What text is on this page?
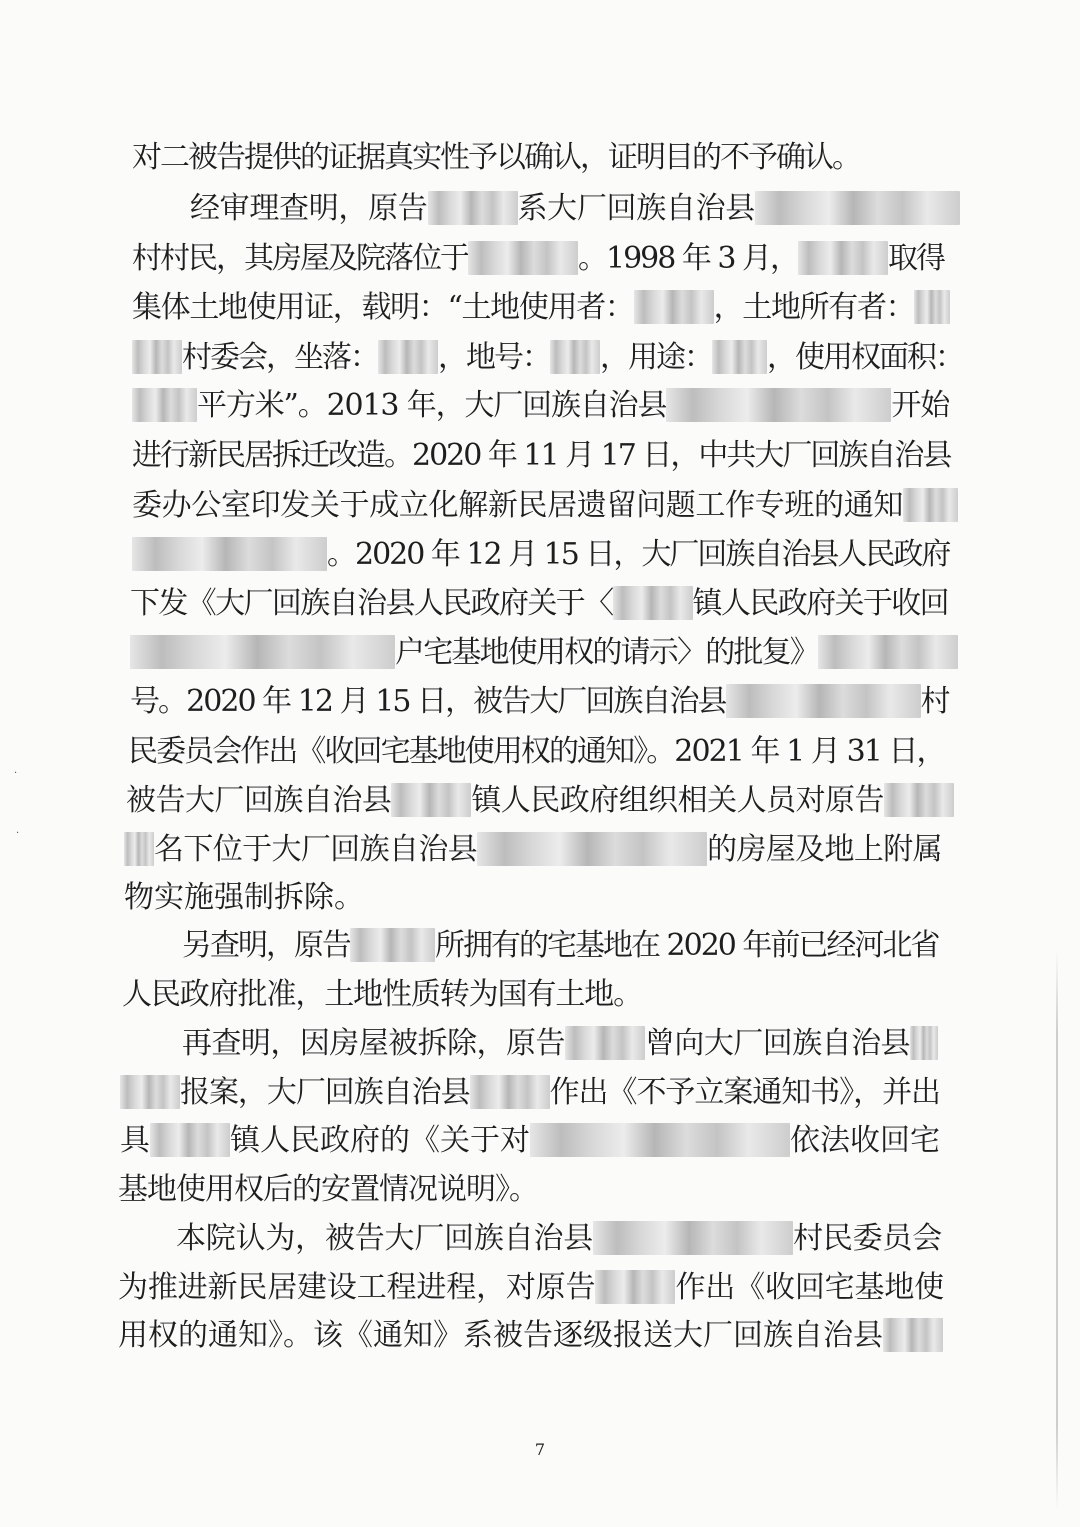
对二被告提供的证据真实性予以确认，证明目的不予确认。
经审理查明，原告	系大厂回族自治县
村村民，其房屋及院落位于	。1998 年 3 月，	取得
集体土地使用证，载明：“土地使用者：	，土地所有者：
村委会，坐落： ，地号： ，用途： ，使用权面积：
平方米”。2013 年，大厂回族自治县	开始
进行新民居拆迁改造。2020 年 11 月 17 日，中共大厂回族自治县
委办公室印发关于成立化解新民居遗留问题工作专班的通知
。2020 年 12 月 15 日，大厂回族自治县人民政府
下发《大厂回族自治县人民政府关于〈	镇人民政府关于收回
户宅基地使用权的请示〉的批复》
号。2020 年 12 月 15 日，被告大厂回族自治县	村
民委员会作出《收回宅基地使用权的通知》。2021 年 1 月 31 日，
被告大厂回族自治县	镇人民政府组织相关人员对原告
名下位于大厂回族自治县	的房屋及地上附属
物实施强制拆除。
另查明，原告	所拥有的宅基地在 2020 年前已经河北省
人民政府批准，土地性质转为国有土地。
再查明，因房屋被拆除，原告	曾向大厂回族自治县
报案，大厂回族自治县	作出《不予立案通知书》，并出
具	镇人民政府的《关于对	依法收回宅
基地使用权后的安置情况说明》。
本院认为，被告大厂回族自治县	村民委员会
为推进新民居建设工程进程，对原告	作出《收回宅基地使
用权的通知》。该《通知》系被告逐级报送大厂回族自治县
7
·
·
